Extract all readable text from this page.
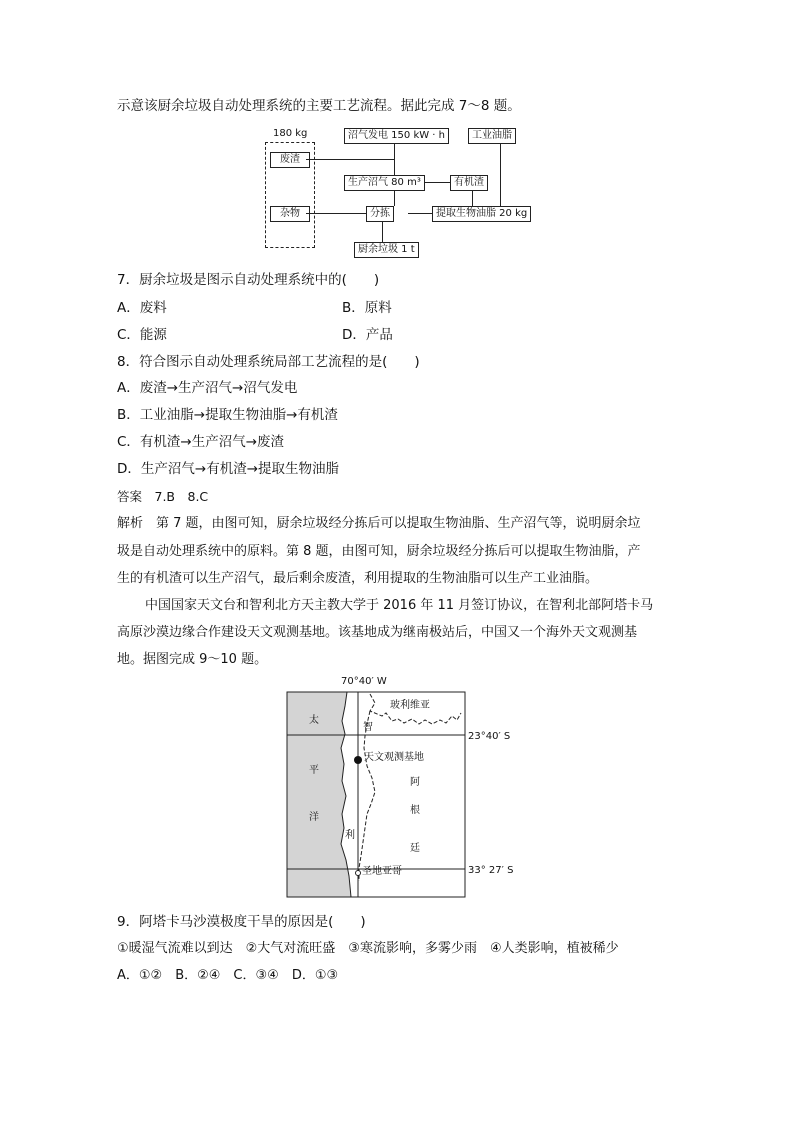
示意该厨余垃圾自动处理系统的主要工艺流程。据此完成 7～8 题。
180 kg
废渣
杂物
沼气发电 150 kW · h	工业油脂
生产沼气 80 m³	有机渣
分拣	提取生物油脂 20 kg
厨余垃圾 1 t
7．厨余垃圾是图示自动处理系统中的(　　)
A．废料	B．原料
C．能源	D．产品
8．符合图示自动处理系统局部工艺流程的是(　　)
A．废渣→生产沼气→沼气发电
B．工业油脂→提取生物油脂→有机渣
C．有机渣→生产沼气→废渣
D．生产沼气→有机渣→提取生物油脂
答案　7.B　8.C
解析　第 7 题，由图可知，厨余垃圾经分拣后可以提取生物油脂、生产沼气等，说明厨余垃
圾是自动处理系统中的原料。第 8 题，由图可知，厨余垃圾经分拣后可以提取生物油脂，产
生的有机渣可以生产沼气，最后剩余废渣，利用提取的生物油脂可以生产工业油脂。
中国国家天文台和智利北方天主教大学于 2016 年 11 月签订协议，在智利北部阿塔卡马
高原沙漠边缘合作建设天文观测基地。该基地成为继南极站后，中国又一个海外天文观测基
地。据图完成 9～10 题。
70°40′ W
太
平
洋
智
利
阿
根
廷
玻利维亚
天文观测基地
圣地亚哥
23°40′ S
33° 27′ S
9．阿塔卡马沙漠极度干旱的原因是(　　)
①暖湿气流难以到达　②大气对流旺盛　③寒流影响，多雾少雨　④人类影响，植被稀少
A．①②　B．②④　C．③④　D．①③
